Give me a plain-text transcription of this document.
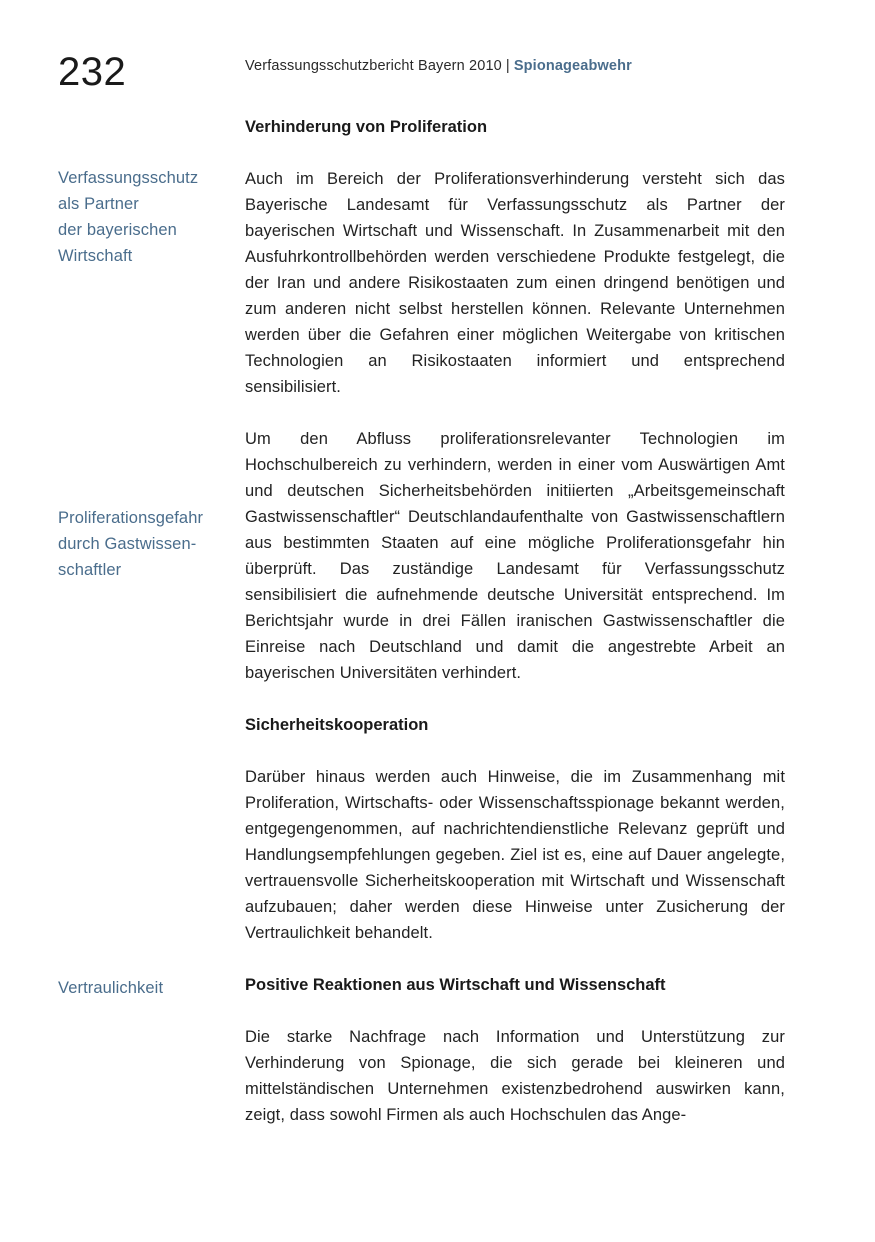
232	Verfassungsschutzbericht Bayern 2010 | Spionageabwehr
Verfassungsschutz
als Partner
der bayerischen
Wirtschaft
Proliferationsgefahr
durch Gastwissen-
schaftler
Vertraulichkeit
Verhinderung von Proliferation

Auch im Bereich der Proliferationsverhinderung versteht sich das Bayerische Landesamt für Verfassungsschutz als Partner der bayerischen Wirtschaft und Wissenschaft. In Zusammenarbeit mit den Ausfuhrkontrollbehörden werden verschiedene Produkte festgelegt, die der Iran und andere Risikostaaten zum einen dringend benötigen und zum anderen nicht selbst herstellen können. Relevante Unternehmen werden über die Gefahren einer möglichen Weitergabe von kritischen Technologien an Risikostaaten informiert und entsprechend sensibilisiert.

Um den Abfluss proliferationsrelevanter Technologien im Hochschulbereich zu verhindern, werden in einer vom Auswärtigen Amt und deutschen Sicherheitsbehörden initiierten „Arbeitsgemeinschaft Gastwissenschaftler“ Deutschlandaufenthalte von Gastwissenschaftlern aus bestimmten Staaten auf eine mögliche Proliferationsgefahr hin überprüft. Das zuständige Landesamt für Verfassungsschutz sensibilisiert die aufnehmende deutsche Universität entsprechend. Im Berichtsjahr wurde in drei Fällen iranischen Gastwissenschaftler die Einreise nach Deutschland und damit die angestrebte Arbeit an bayerischen Universitäten verhindert.

Sicherheitskooperation

Darüber hinaus werden auch Hinweise, die im Zusammenhang mit Proliferation, Wirtschafts- oder Wissenschaftsspionage bekannt werden, entgegengenommen, auf nachrichtendienstliche Relevanz geprüft und Handlungsempfehlungen gegeben. Ziel ist es, eine auf Dauer angelegte, vertrauensvolle Sicherheitskooperation mit Wirtschaft und Wissenschaft aufzubauen; daher werden diese Hinweise unter Zusicherung der Vertraulichkeit behandelt.

Positive Reaktionen aus Wirtschaft und Wissenschaft

Die starke Nachfrage nach Information und Unterstützung zur Verhinderung von Spionage, die sich gerade bei kleineren und mittelständischen Unternehmen existenzbedrohend auswirken kann, zeigt, dass sowohl Firmen als auch Hochschulen das Ange-
